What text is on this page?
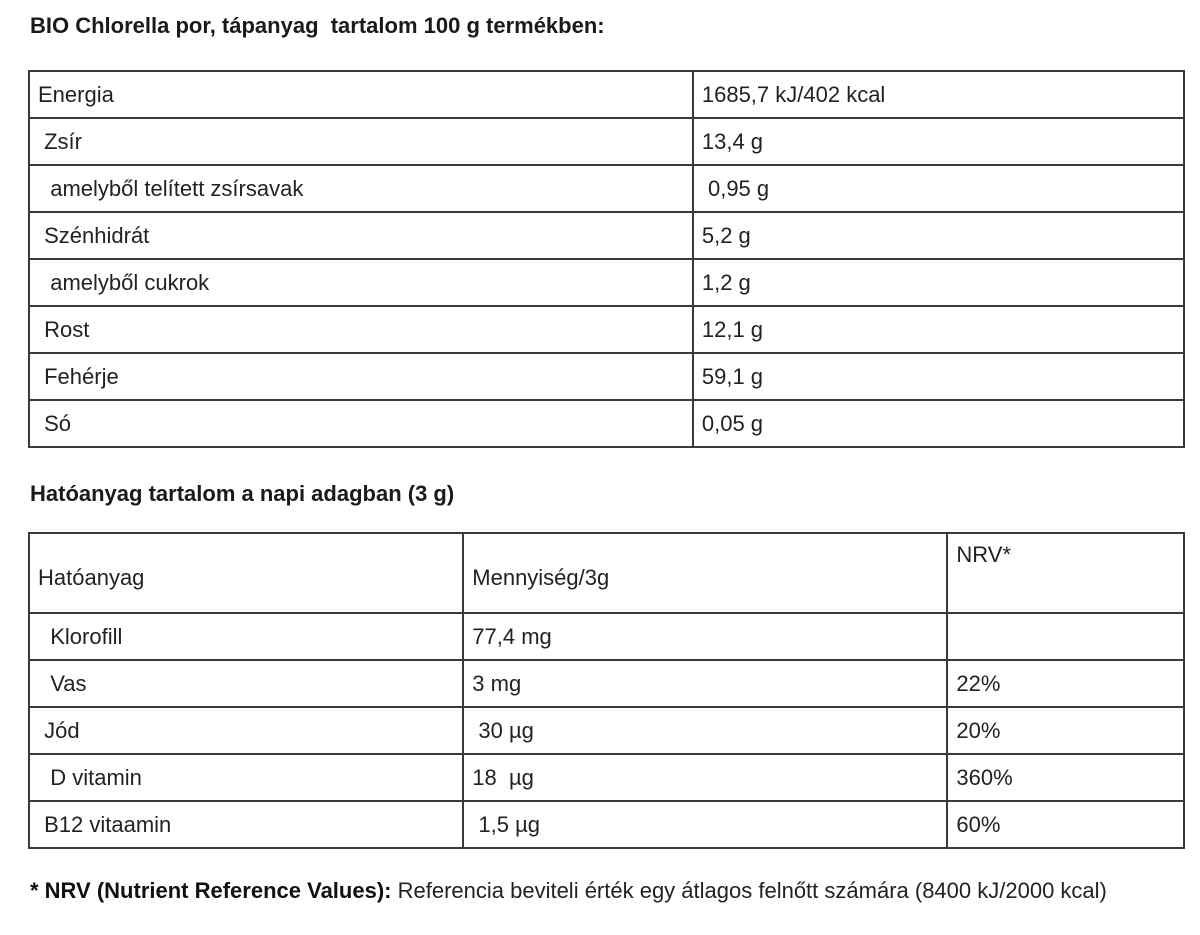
BIO Chlorella por, tápanyag  tartalom 100 g termékben:
Energia	1685,7 kJ/402 kcal
Zsír	13,4 g
amelyből telített zsírsavak	0,95 g
Szénhidrát	5,2 g
amelyből cukrok	1,2 g
Rost	12,1 g
Fehérje	59,1 g
Só	0,05 g
Hatóanyag tartalom a napi adagban (3 g)
Hatóanyag	Mennyiség/3g	NRV*
Klorofill	77,4 mg	
Vas	3 mg	22%
Jód	30 µg	20%
D vitamin	18  µg	360%
B12 vitaamin	1,5 µg	60%

* NRV (Nutrient Reference Values): Referencia beviteli érték egy átlagos felnőtt számára (8400 kJ/2000 kcal)
